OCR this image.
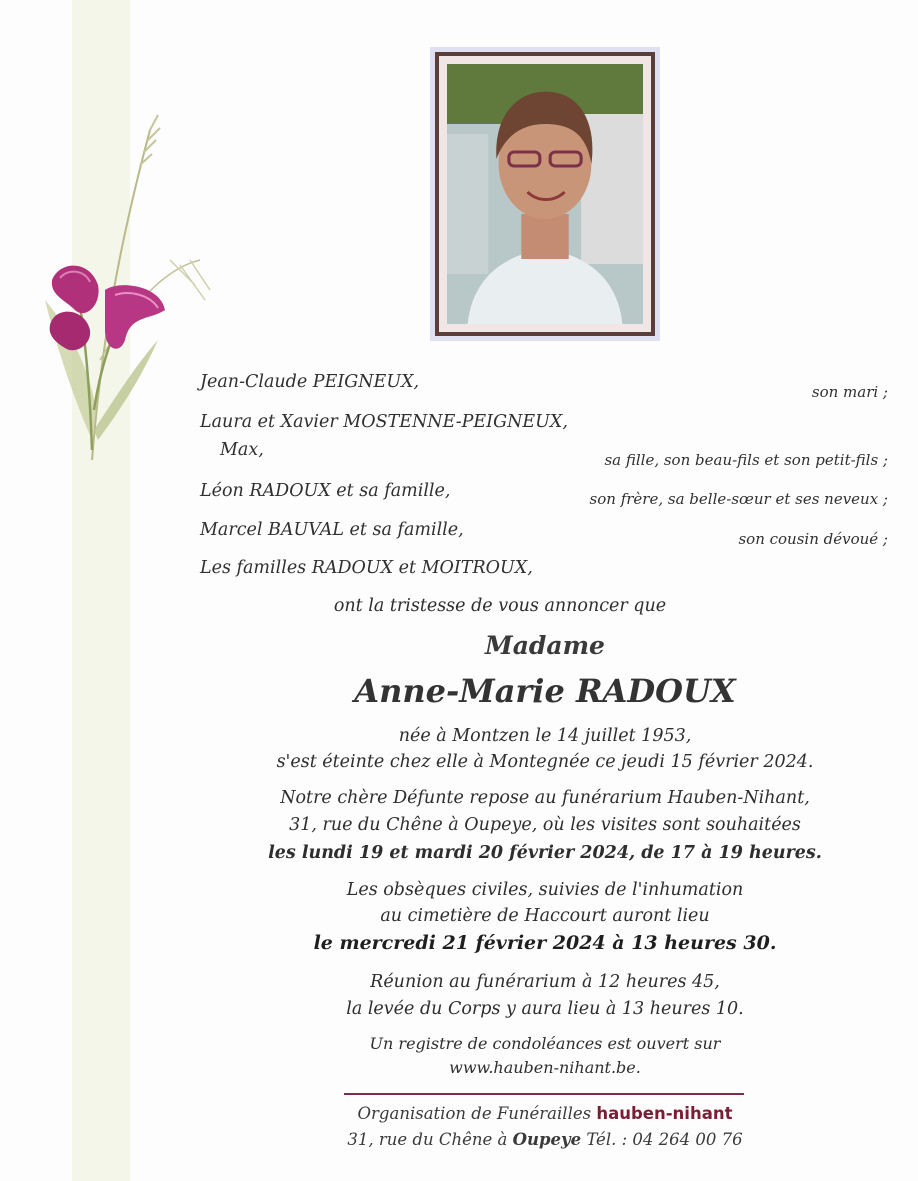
Jean-Claude PEIGNEUX,	son mari ;
Laura et Xavier MOSTENNE-PEIGNEUX,
Max,	sa fille, son beau-fils et son petit-fils ;
Léon RADOUX et sa famille,	son frère, sa belle-sœur et ses neveux ;
Marcel BAUVAL et sa famille,	son cousin dévoué ;
Les familles RADOUX et MOITROUX,
ont la tristesse de vous annoncer que
Madame
Anne-Marie RADOUX
née à Montzen le 14 juillet 1953,
s'est éteinte chez elle à Montegnée ce jeudi 15 février 2024.
Notre chère Défunte repose au funérarium Hauben-Nihant,
31, rue du Chêne à Oupeye, où les visites sont souhaitées
les lundi 19 et mardi 20 février 2024, de 17 à 19 heures.
Les obsèques civiles, suivies de l'inhumation
au cimetière de Haccourt auront lieu
le mercredi 21 février 2024 à 13 heures 30.
Réunion au funérarium à 12 heures 45,
la levée du Corps y aura lieu à 13 heures 10.
Un registre de condoléances est ouvert sur
www.hauben-nihant.be.
Organisation de Funérailles hauben-nihant
31, rue du Chêne à Oupeye Tél. : 04 264 00 76
